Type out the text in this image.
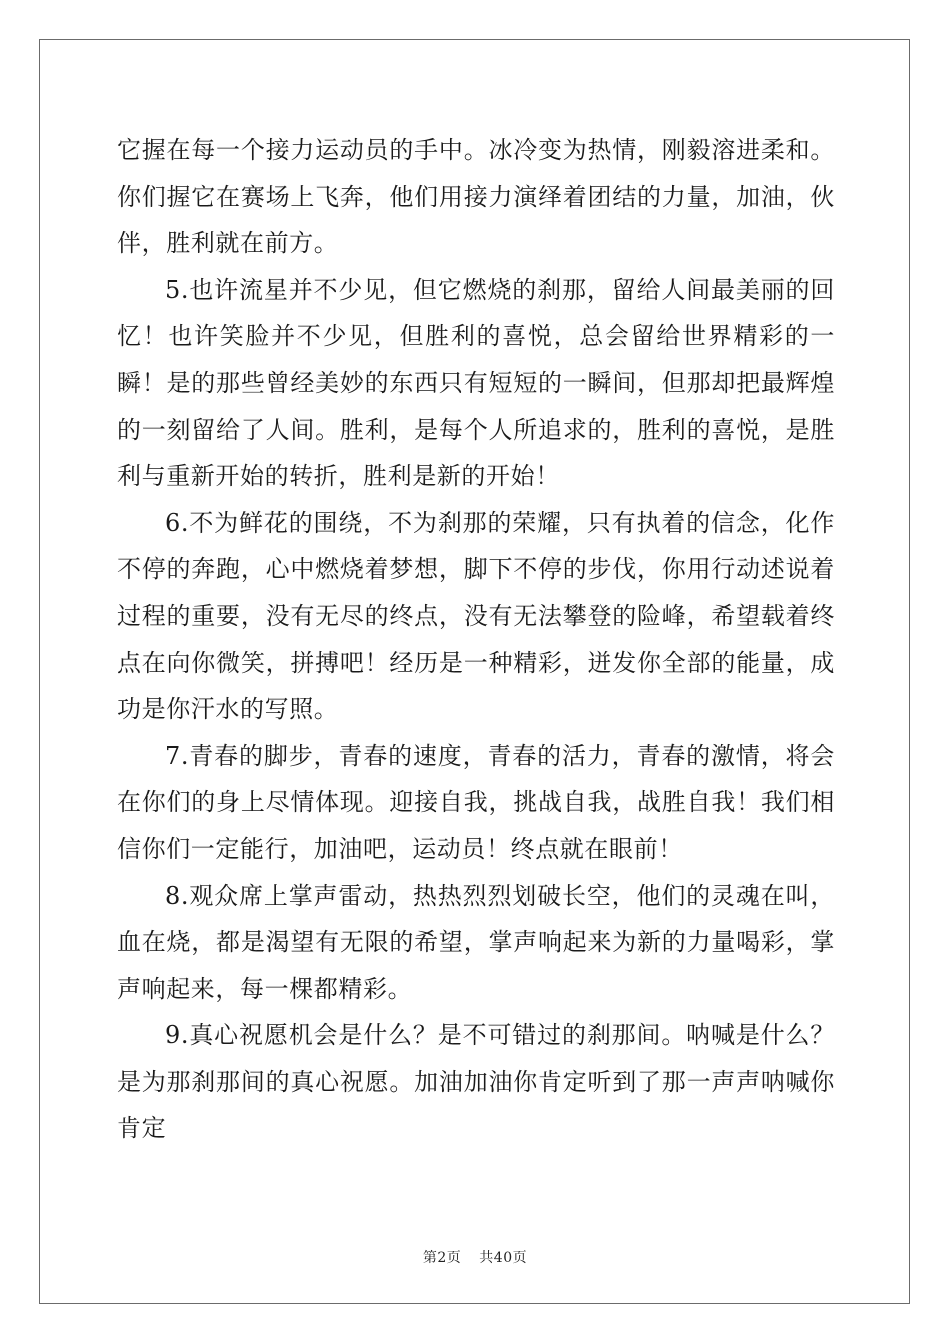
它握在每一个接力运动员的手中。冰冷变为热情，刚毅溶进柔和。你们握它在赛场上飞奔，他们用接力演绎着团结的力量，加油，伙伴，胜利就在前方。

5.也许流星并不少见，但它燃烧的刹那，留给人间最美丽的回忆！也许笑脸并不少见，但胜利的喜悦，总会留给世界精彩的一瞬！是的那些曾经美妙的东西只有短短的一瞬间，但那却把最辉煌的一刻留给了人间。胜利，是每个人所追求的，胜利的喜悦，是胜利与重新开始的转折，胜利是新的开始！

6.不为鲜花的围绕，不为刹那的荣耀，只有执着的信念，化作不停的奔跑，心中燃烧着梦想，脚下不停的步伐，你用行动述说着过程的重要，没有无尽的终点，没有无法攀登的险峰，希望载着终点在向你微笑，拼搏吧！经历是一种精彩，迸发你全部的能量，成功是你汗水的写照。

7.青春的脚步，青春的速度，青春的活力，青春的激情，将会在你们的身上尽情体现。迎接自我，挑战自我，战胜自我！我们相信你们一定能行，加油吧，运动员！终点就在眼前！

8.观众席上掌声雷动，热热烈烈划破长空，他们的灵魂在叫，血在烧，都是渴望有无限的希望，掌声响起来为新的力量喝彩，掌声响起来，每一棵都精彩。

9.真心祝愿机会是什么？是不可错过的刹那间。呐喊是什么？是为那刹那间的真心祝愿。加油加油你肯定听到了那一声声呐喊你肯定

第2页 共40页
